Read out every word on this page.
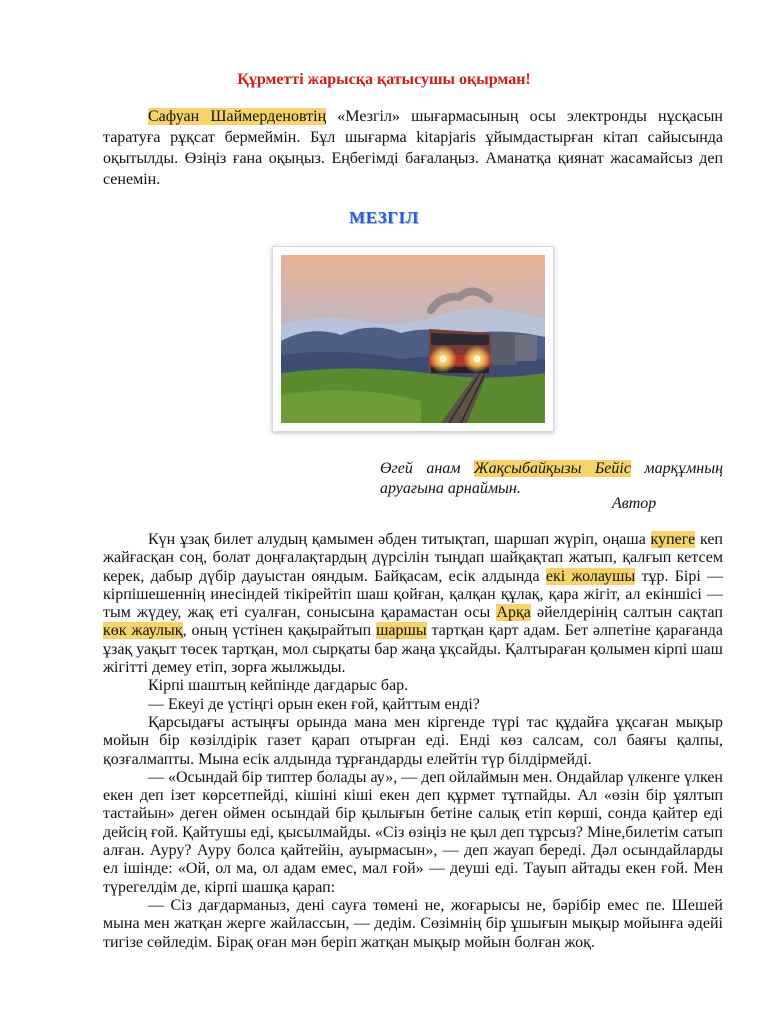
Құрметті жарысқа қатысушы оқырман!

Сафуан Шаймерденовтің «Мезгіл» шығармасының осы электронды нұсқасын таратуға рұқсат бермеймін. Бұл шығарма kitapjaris ұйымдастырған кітап сайысында оқытылды. Өзіңіз ғана оқыңыз. Еңбегімді бағалаңыз. Аманатқа қиянат жасамайсыз деп сенемін.

МЕЗГІЛ

Өгей анам Жақсыбайқызы Бейіс марқұмның аруағына арнаймын.

Автор

Күн ұзақ билет алудың қамымен әбден титықтап, шаршап жүріп, оңаша купеге кеп жайғасқан соң, болат доңғалақтардың дүрсілін тыңдап шайқақтап жатып, қалғып кетсем керек, дабыр дүбір дауыстан ояндым. Байқасам, есік алдында екі жолаушы тұр. Бірі — кірпішешеннің инесіндей тікірейтіп шаш қойған, қалқан құлақ, қара жігіт, ал екіншісі — тым жүдеу, жақ еті суалған, сонысына қарамастан осы Арқа әйелдерінің салтын сақтап көк жаулық, оның үстінен қақырайтып шаршы тартқан қарт адам. Бет әлпетіне қарағанда ұзақ уақыт төсек тартқан, мол сырқаты бар жаңа ұқсайды. Қалтыраған қолымен кірпі шаш жігітті демеу етіп, зорға жылжыды.

Кірпі шаштың кейпінде дағдарыс бар.

— Екеуі де үстіңгі орын екен ғой, қайттым енді?

Қарсыдағы астыңғы орында мана мен кіргенде түрі тас құдайға ұқсаған мықыр мойын бір көзілдірік газет қарап отырған еді. Енді көз салсам, сол баяғы қалпы, қозғалмапты. Мына есік алдында тұрғандарды елейтін түр білдірмейді.

— «Осындай бір типтер болады ау», — деп ойлаймын мен. Ондайлар үлкенге үлкен екен деп ізет көрсетпейді, кішіні кіші екен деп құрмет тұтпайды. Ал «өзін бір ұялтып тастайын» деген оймен осындай бір қылығын бетіне салық етіп көрші, сонда қайтер еді дейсің ғой. Қайтушы еді, қысылмайды. «Сіз өзіңіз не қыл деп тұрсыз? Міне,билетім сатып алған. Ауру? Ауру болса қайтейін, ауырмасын», — деп жауап береді. Дәл осындайларды ел ішінде: «Ой, ол ма, ол адам емес, мал ғой» — деуші еді. Тауып айтады екен ғой. Мен түрегелдім де, кірпі шашқа қарап:

— Сіз дағдарманыз, дені сауға төмені не, жоғарысы не, бәрібір емес пе. Шешей мына мен жатқан жерге жайлассын, — дедім. Сөзімнің бір ұшығын мықыр мойынға әдейі тигізе сөйледім. Бірақ оған мән беріп жатқан мықыр мойын болған жоқ.
